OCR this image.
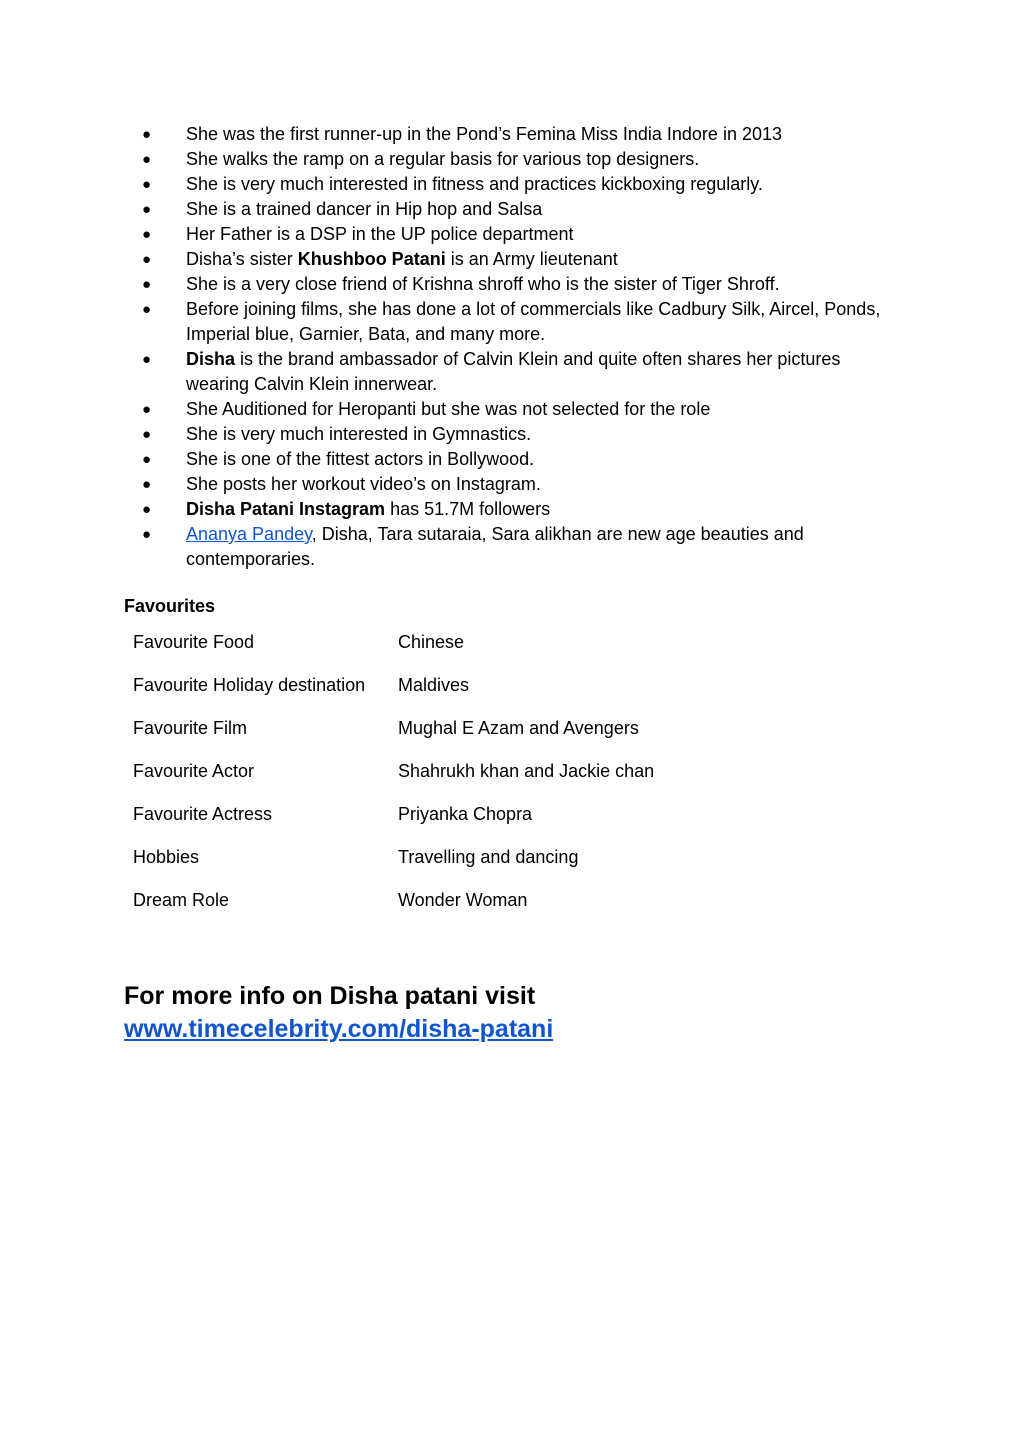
● She was the first runner-up in the Pond’s Femina Miss India Indore in 2013
● She walks the ramp on a regular basis for various top designers.
● She is very much interested in fitness and practices kickboxing regularly.
● She is a trained dancer in Hip hop and Salsa
● Her Father is a DSP in the UP police department
● Disha’s sister Khushboo Patani is an Army lieutenant
● She is a very close friend of Krishna shroff who is the sister of Tiger Shroff.
● Before joining films, she has done a lot of commercials like Cadbury Silk, Aircel, Ponds, Imperial blue, Garnier, Bata, and many more.
● Disha is the brand ambassador of Calvin Klein and quite often shares her pictures wearing Calvin Klein innerwear.
● She Auditioned for Heropanti but she was not selected for the role
● She is very much interested in Gymnastics.
● She is one of the fittest actors in Bollywood.
● She posts her workout video’s on Instagram.
● Disha Patani Instagram has 51.7M followers
● Ananya Pandey, Disha, Tara sutaraia, Sara alikhan are new age beauties and contemporaries.
Favourites
Favourite Food	Chinese
Favourite Holiday destination	Maldives
Favourite Film	Mughal E Azam and Avengers
Favourite Actor	Shahrukh khan and Jackie chan
Favourite Actress	Priyanka Chopra
Hobbies	Travelling and dancing
Dream Role	Wonder Woman

For more info on Disha patani visit
www.timecelebrity.com/disha-patani
